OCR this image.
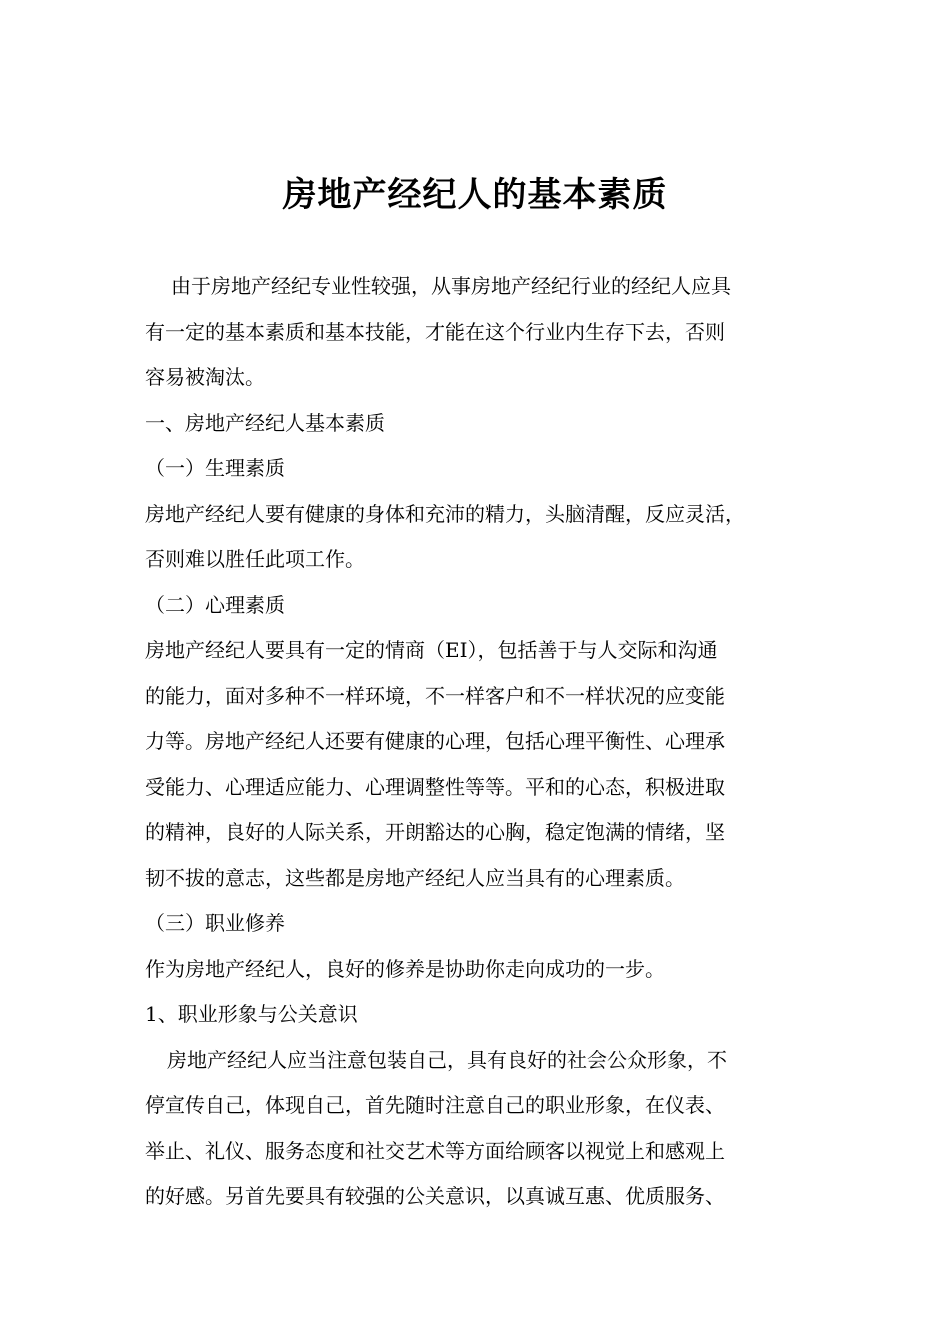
房地产经纪人的基本素质

由于房地产经纪专业性较强，从事房地产经纪行业的经纪人应具

有一定的基本素质和基本技能，才能在这个行业内生存下去，否则

容易被淘汰。

一、房地产经纪人基本素质

（一）生理素质

房地产经纪人要有健康的身体和充沛的精力，头脑清醒，反应灵活，

否则难以胜任此项工作。

（二）心理素质

房地产经纪人要具有一定的情商（EI），包括善于与人交际和沟通

的能力，面对多种不一样环境，不一样客户和不一样状况的应变能

力等。房地产经纪人还要有健康的心理，包括心理平衡性、心理承

受能力、心理适应能力、心理调整性等等。平和的心态，积极进取

的精神，良好的人际关系，开朗豁达的心胸，稳定饱满的情绪，坚

韧不拔的意志，这些都是房地产经纪人应当具有的心理素质。

（三）职业修养

作为房地产经纪人，良好的修养是协助你走向成功的一步。

1、职业形象与公关意识

房地产经纪人应当注意包装自己，具有良好的社会公众形象，不

停宣传自己，体现自己，首先随时注意自己的职业形象，在仪表、

举止、礼仪、服务态度和社交艺术等方面给顾客以视觉上和感观上

的好感。另首先要具有较强的公关意识，以真诚互惠、优质服务、
